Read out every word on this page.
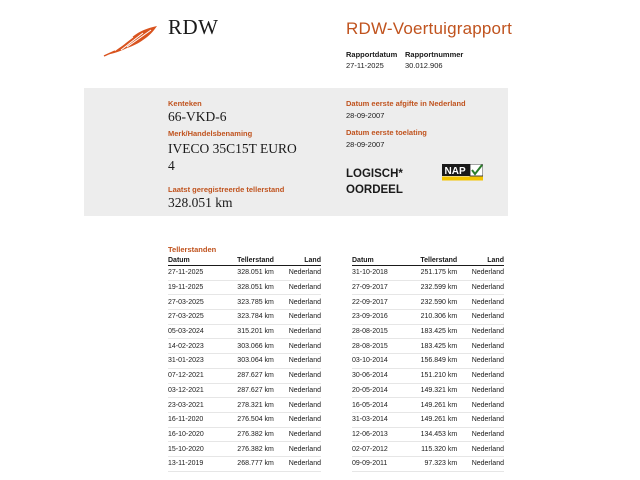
RDW	RDW-Voertuigrapport
Rapportdatum
27-11-2025
Rapportnummer
30.012.906
Kenteken
66-VKD-6
Merk/Handelsbenaming
IVECO 35C15T EURO
4
Laatst geregistreerde tellerstand
328.051 km
Datum eerste afgifte in Nederland
28-09-2007
Datum eerste toelating
28-09-2007
LOGISCH*
OORDEEL
NAP
Tellerstanden
Datum	Tellerstand	Land
27-11-2025	328.051 km	Nederland
19-11-2025	328.051 km	Nederland
27-03-2025	323.785 km	Nederland
27-03-2025	323.784 km	Nederland
05-03-2024	315.201 km	Nederland
14-02-2023	303.066 km	Nederland
31-01-2023	303.064 km	Nederland
07-12-2021	287.627 km	Nederland
03-12-2021	287.627 km	Nederland
23-03-2021	278.321 km	Nederland
16-11-2020	276.504 km	Nederland
16-10-2020	276.382 km	Nederland
15-10-2020	276.382 km	Nederland
13-11-2019	268.777 km	Nederland
Datum	Tellerstand	Land
31-10-2018	251.175 km	Nederland
27-09-2017	232.599 km	Nederland
22-09-2017	232.590 km	Nederland
23-09-2016	210.306 km	Nederland
28-08-2015	183.425 km	Nederland
28-08-2015	183.425 km	Nederland
03-10-2014	156.849 km	Nederland
30-06-2014	151.210 km	Nederland
20-05-2014	149.321 km	Nederland
16-05-2014	149.261 km	Nederland
31-03-2014	149.261 km	Nederland
12-06-2013	134.453 km	Nederland
02-07-2012	115.320 km	Nederland
09-09-2011	97.323 km	Nederland
